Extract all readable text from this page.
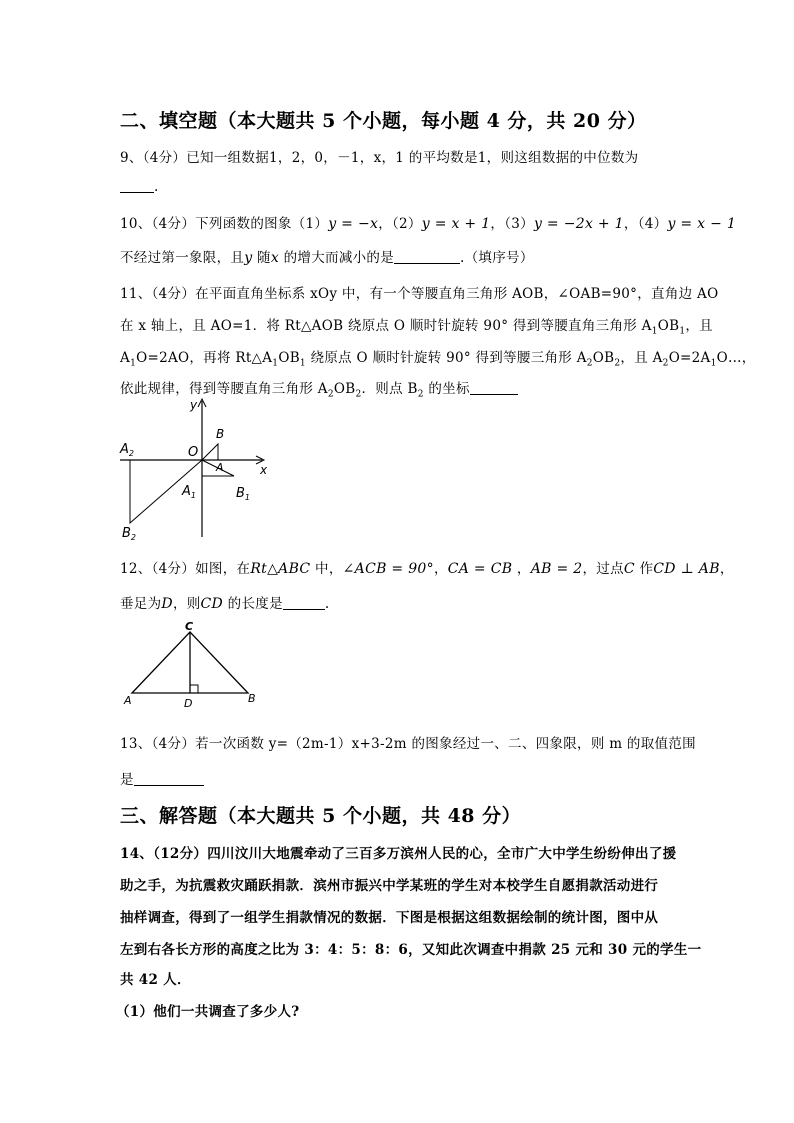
二、填空题（本大题共 5 个小题，每小题 4 分，共 20 分）
9、（4分）已知一组数据1，2，0，－1，x，1 的平均数是1，则这组数据的中位数为
.
10、（4分）下列函数的图象（1）y = −x，（2）y = x + 1，（3）y = −2x + 1，（4）y = x − 1
不经过第一象限，且y 随x 的增大而减小的是	.（填序号）
11、（4分）在平面直角坐标系 xOy 中，有一个等腰直角三角形 AOB，∠OAB=90°，直角边 AO
在 x 轴上，且 AO=1．将 Rt△AOB 绕原点 O 顺时针旋转 90° 得到等腰直角三角形 $A_1OB_1$，且
$A_1O=2AO$，再将 $Rt\triangle A_1OB_1$ 绕原点 O 顺时针旋转 90° 得到等腰三角形 $A_2OB_2$，且 $A_2O=2A_1O\dots$，
依此规律，得到等腰直角三角形 $A_2OB_2$．则点 $B_2$ 的坐标
y
x
O
B
A
$A_2$
$A_1$	$B_1$
$B_2$
12、（4分）如图，在Rt△ABC 中，∠ACB = 90°，CA = CB ，AB = 2，过点C 作CD ⊥ AB，
垂足为D，则CD 的长度是	.
C
A	D	B
13、（4分）若一次函数 y=（2m-1）x+3-2m 的图象经过一、二、四象限，则 m 的取值范围
是
三、解答题（本大题共 5 个小题，共 48 分）
14、（12分）四川汶川大地震牵动了三百多万滨州人民的心，全市广大中学生纷纷伸出了援
助之手，为抗震救灾踊跃捐款．滨州市振兴中学某班的学生对本校学生自愿捐款活动进行
抽样调查，得到了一组学生捐款情况的数据．下图是根据这组数据绘制的统计图，图中从
左到右各长方形的高度之比为 3：4：5：8：6，又知此次调查中捐款 25 元和 30 元的学生一
共 42 人．
（1）他们一共调查了多少人?
